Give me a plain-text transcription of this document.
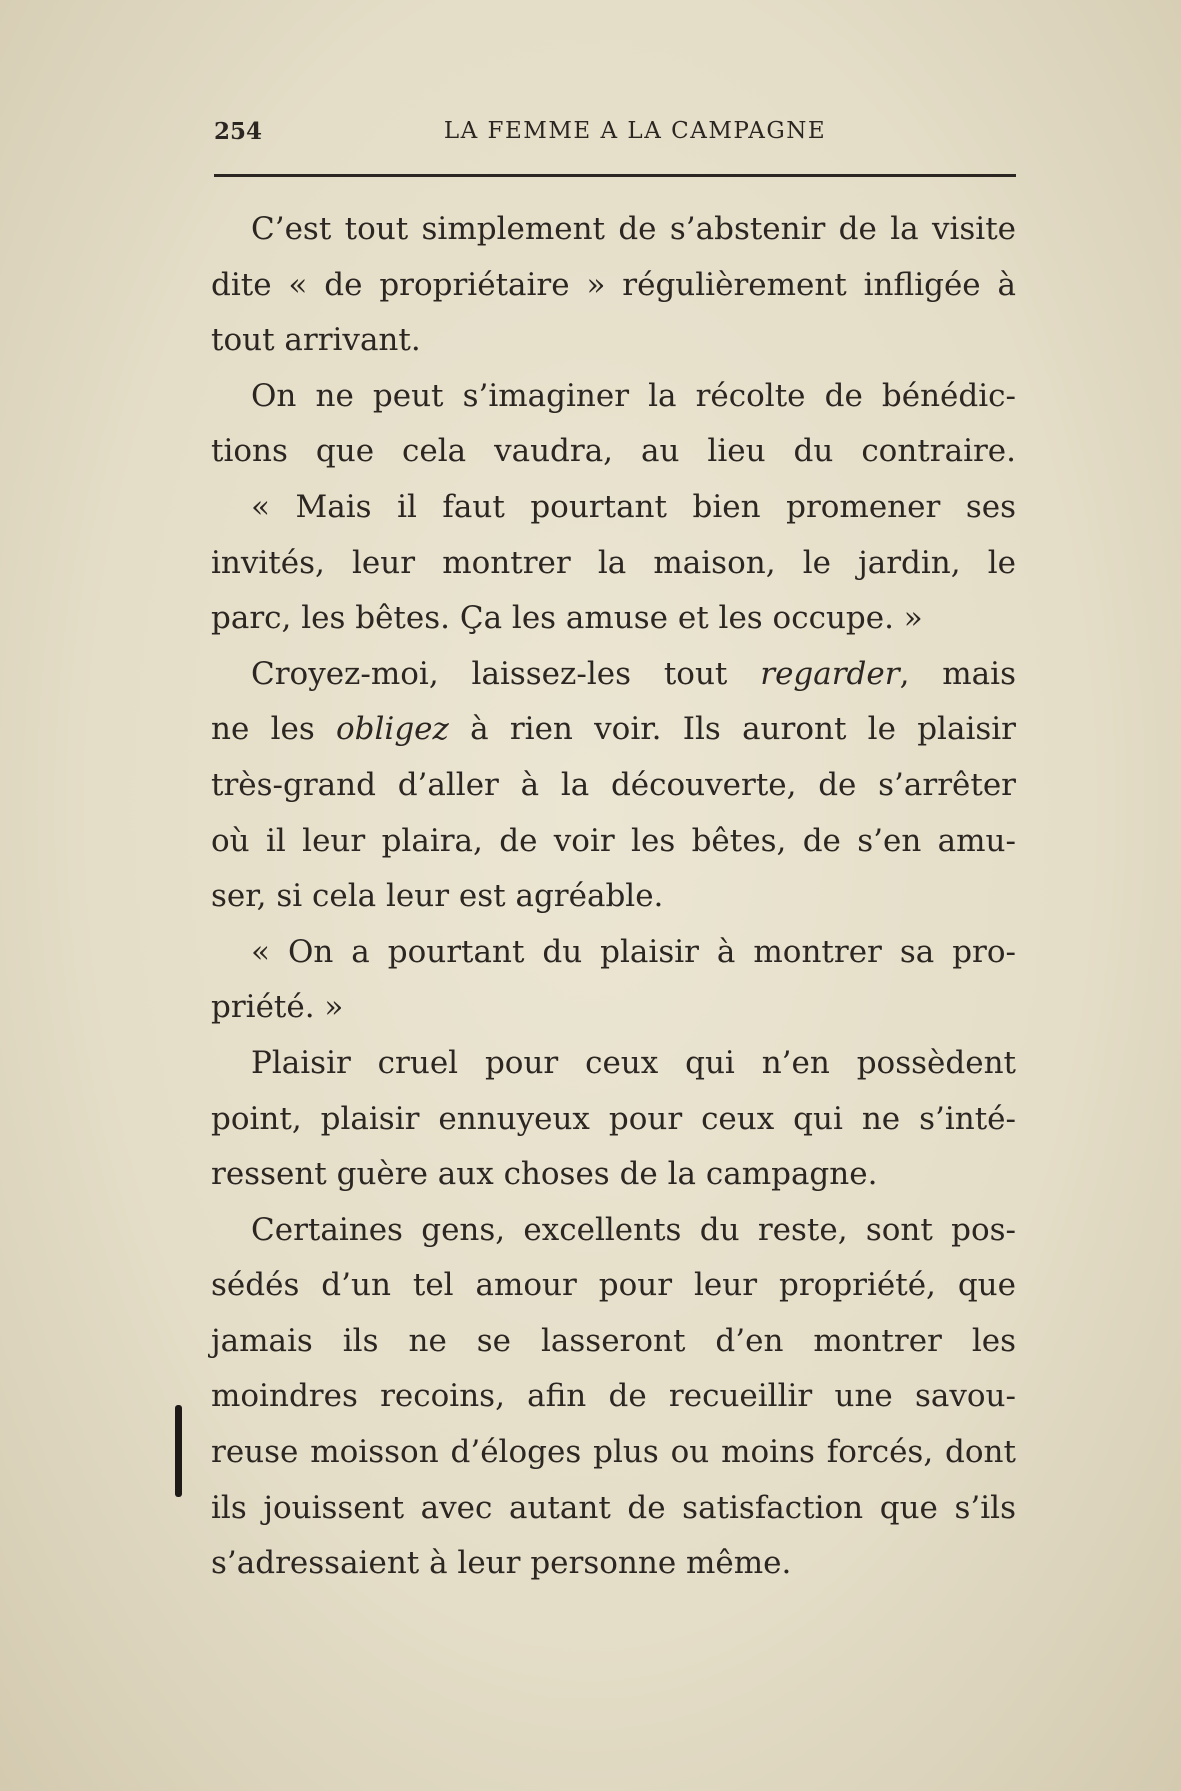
254	LA FEMME A LA CAMPAGNE
C’est tout simplement de s’abstenir de la visite
dite « de propriétaire » régulièrement infligée à
tout arrivant.
On ne peut s’imaginer la récolte de bénédic-
tions que cela vaudra, au lieu du contraire.
« Mais il faut pourtant bien promener ses
invités, leur montrer la maison, le jardin, le
parc, les bêtes. Ça les amuse et les occupe. »
Croyez-moi, laissez-les tout regarder, mais
ne les obligez à rien voir. Ils auront le plaisir
très-grand d’aller à la découverte, de s’arrêter
où il leur plaira, de voir les bêtes, de s’en amu-
ser, si cela leur est agréable.
« On a pourtant du plaisir à montrer sa pro-
priété. »
Plaisir cruel pour ceux qui n’en possèdent
point, plaisir ennuyeux pour ceux qui ne s’inté-
ressent guère aux choses de la campagne.
Certaines gens, excellents du reste, sont pos-
sédés d’un tel amour pour leur propriété, que
jamais ils ne se lasseront d’en montrer les
moindres recoins, afin de recueillir une savou-
reuse moisson d’éloges plus ou moins forcés, dont
ils jouissent avec autant de satisfaction que s’ils
s’adressaient à leur personne même.
